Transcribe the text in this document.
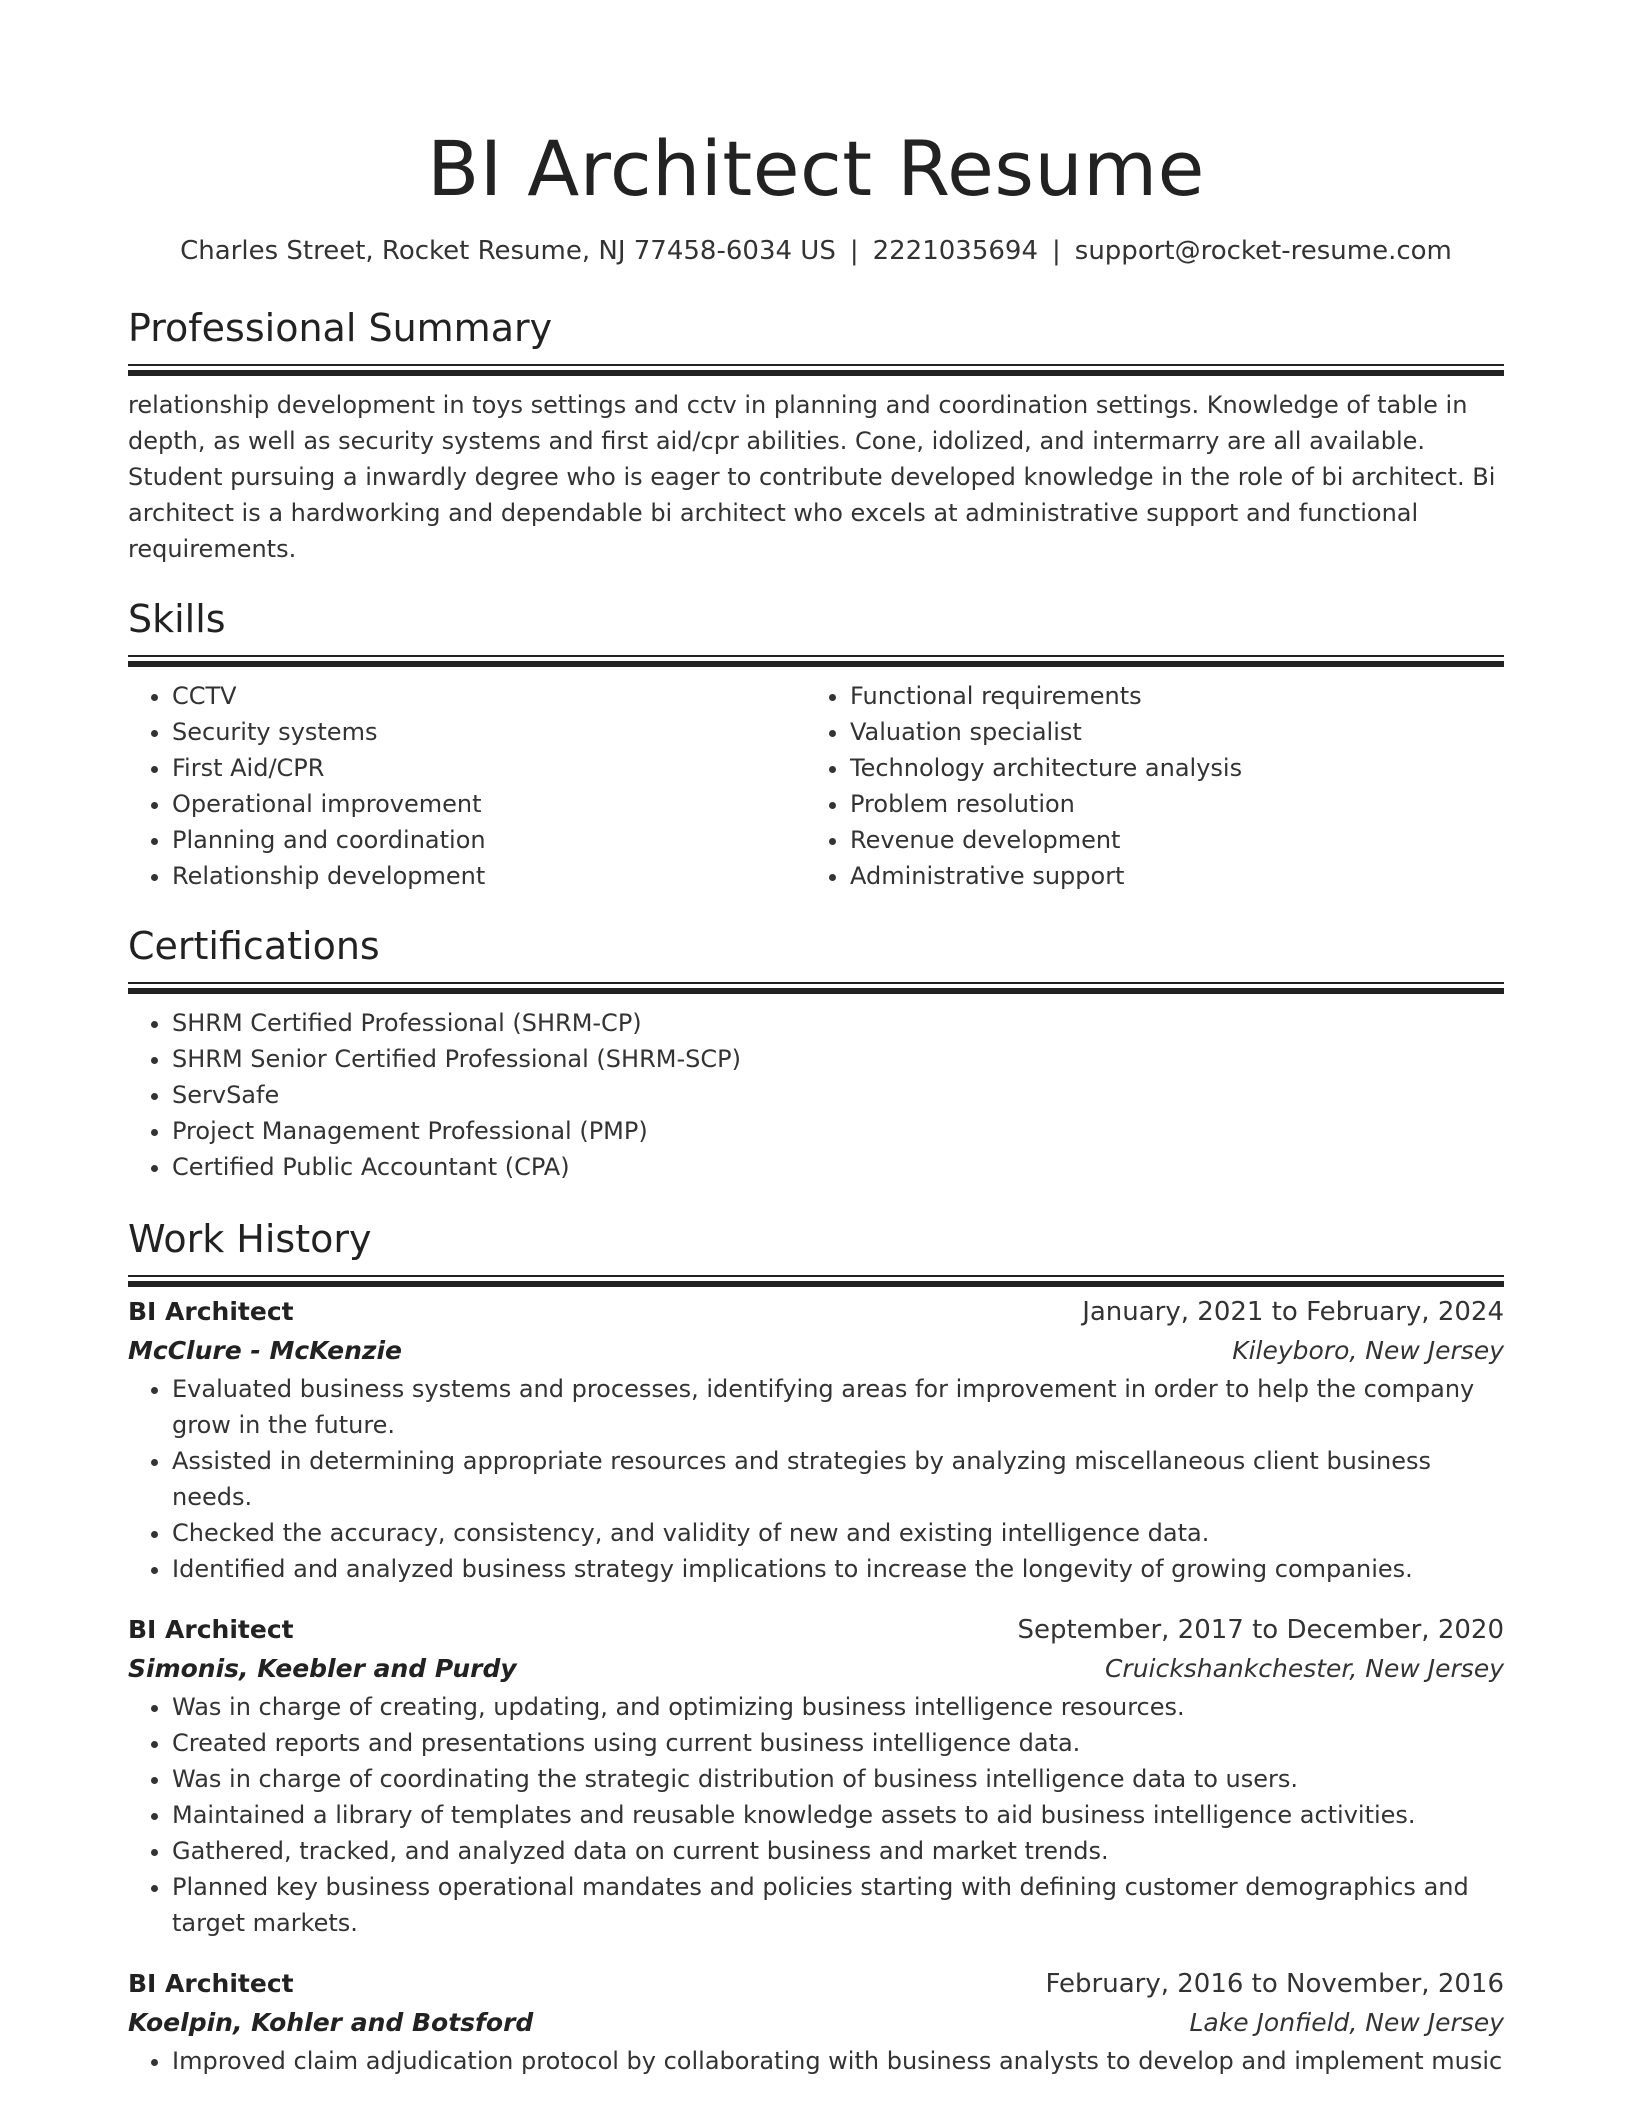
BI Architect Resume
Charles Street, Rocket Resume, NJ 77458-6034 US | 2221035694 | support@rocket-resume.com
Professional Summary

relationship development in toys settings and cctv in planning and coordination settings. Knowledge of table in depth, as well as security systems and first aid/cpr abilities. Cone, idolized, and intermarry are all available. Student pursuing a inwardly degree who is eager to contribute developed knowledge in the role of bi architect. Bi architect is a hardworking and dependable bi architect who excels at administrative support and functional requirements.

Skills
• CCTV
• Security systems
• First Aid/CPR
• Operational improvement
• Planning and coordination
• Relationship development
• Functional requirements
• Valuation specialist
• Technology architecture analysis
• Problem resolution
• Revenue development
• Administrative support
Certifications
• SHRM Certified Professional (SHRM-CP)
• SHRM Senior Certified Professional (SHRM-SCP)
• ServSafe
• Project Management Professional (PMP)
• Certified Public Accountant (CPA)
Work History
BI Architect	January, 2021 to February, 2024
McClure - McKenzie	Kileyboro, New Jersey
• Evaluated business systems and processes, identifying areas for improvement in order to help the company grow in the future.
• Assisted in determining appropriate resources and strategies by analyzing miscellaneous client business needs.
• Checked the accuracy, consistency, and validity of new and existing intelligence data.
• Identified and analyzed business strategy implications to increase the longevity of growing companies.
BI Architect	September, 2017 to December, 2020
Simonis, Keebler and Purdy	Cruickshankchester, New Jersey
• Was in charge of creating, updating, and optimizing business intelligence resources.
• Created reports and presentations using current business intelligence data.
• Was in charge of coordinating the strategic distribution of business intelligence data to users.
• Maintained a library of templates and reusable knowledge assets to aid business intelligence activities.
• Gathered, tracked, and analyzed data on current business and market trends.
• Planned key business operational mandates and policies starting with defining customer demographics and target markets.
BI Architect	February, 2016 to November, 2016
Koelpin, Kohler and Botsford	Lake Jonfield, New Jersey
• Improved claim adjudication protocol by collaborating with business analysts to develop and implement music
